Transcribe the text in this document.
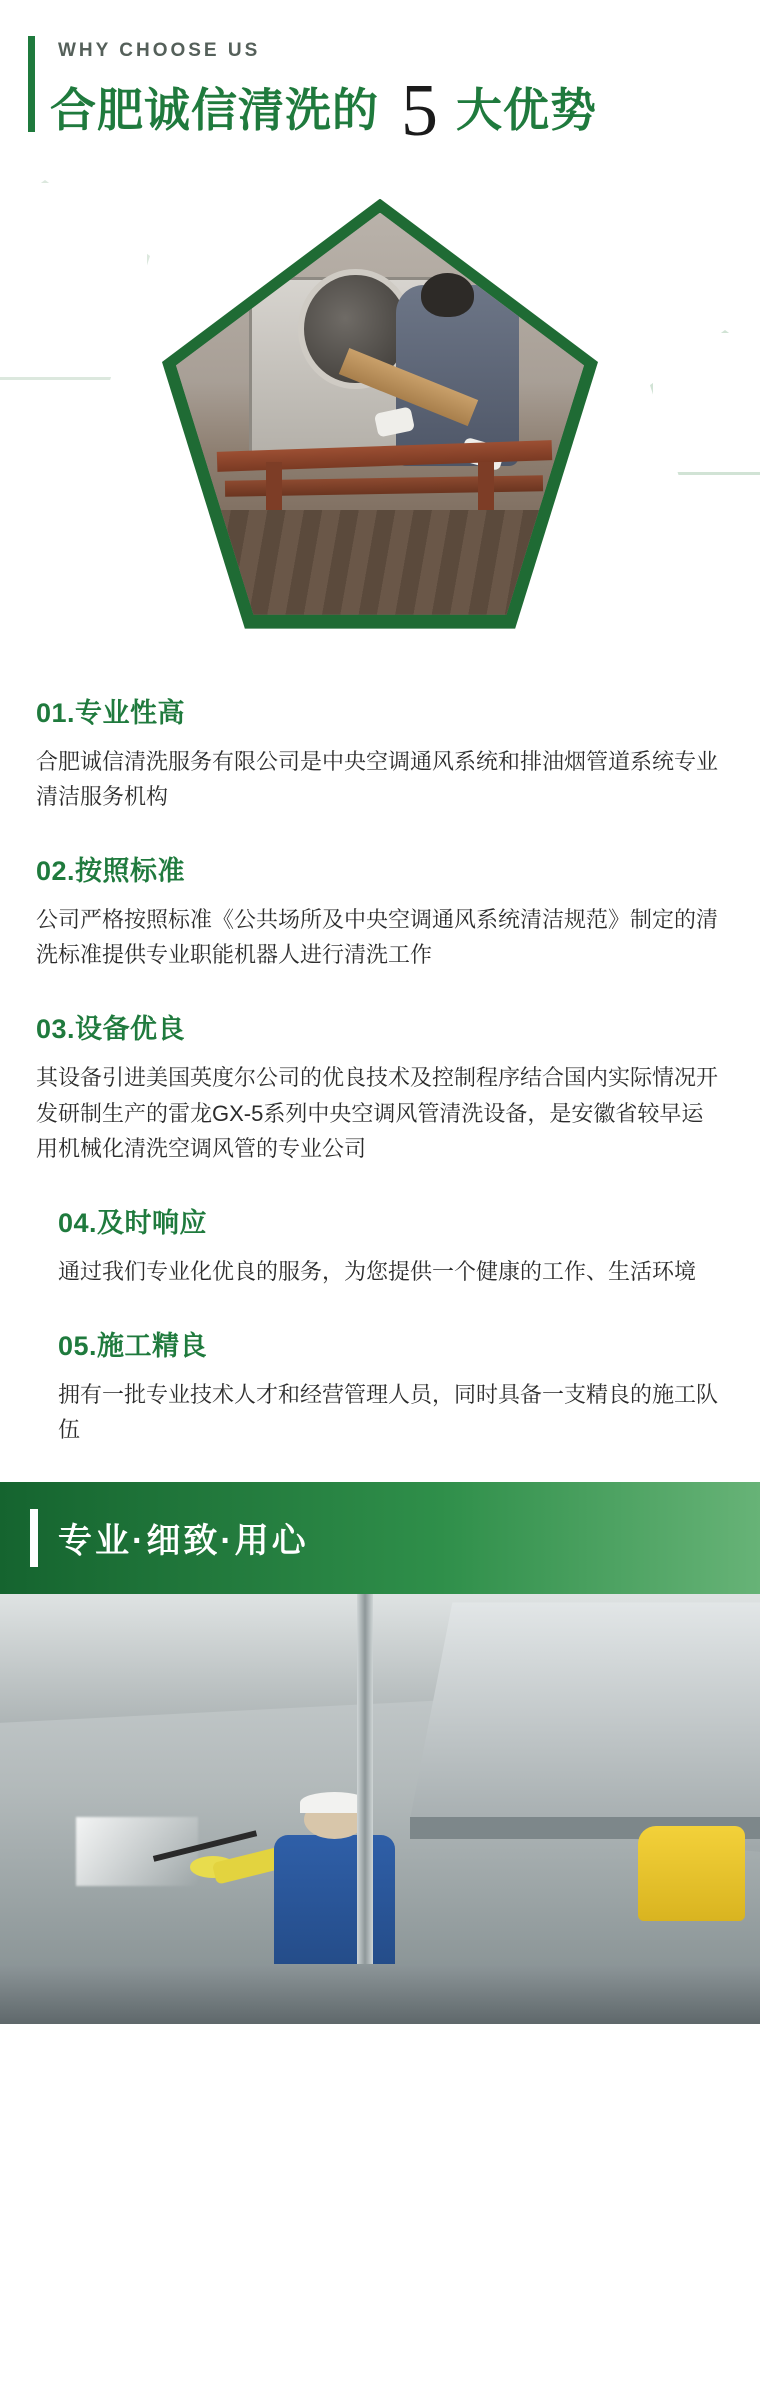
WHY CHOOSE US
合肥诚信清洗的 5 大优势
01.专业性高

合肥诚信清洗服务有限公司是中央空调通风系统和排油烟管道系统专业清洁服务机构

02.按照标准

公司严格按照标准《公共场所及中央空调通风系统清洁规范》制定的清洗标准提供专业职能机器人进行清洗工作

03.设备优良

其设备引进美国英度尔公司的优良技术及控制程序结合国内实际情况开发研制生产的雷龙GX-5系列中央空调风管清洗设备，是安徽省较早运用机械化清洗空调风管的专业公司

04.及时响应

通过我们专业化优良的服务，为您提供一个健康的工作、生活环境

05.施工精良

拥有一批专业技术人才和经营管理人员，同时具备一支精良的施工队伍

专业·细致·用心
